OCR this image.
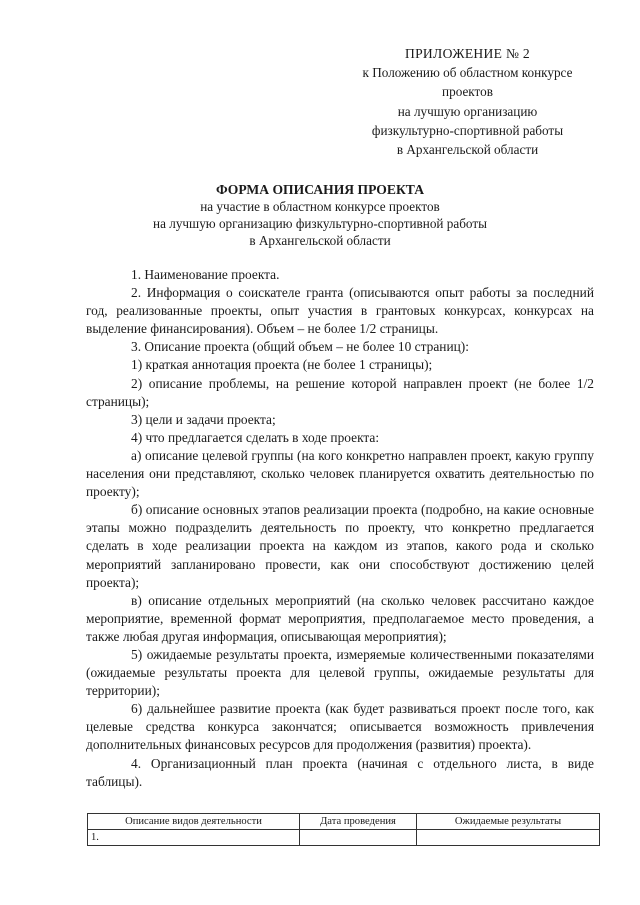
ПРИЛОЖЕНИЕ № 2
к Положению об областном конкурсе
проектов
на лучшую организацию
физкультурно-спортивной работы
в Архангельской области
ФОРМА ОПИСАНИЯ ПРОЕКТА
на участие в областном конкурсе проектов
на лучшую организацию физкультурно-спортивной работы
в Архангельской области

1. Наименование проекта.

2. Информация о соискателе гранта (описываются опыт работы за последний год, реализованные проекты, опыт участия в грантовых конкурсах, конкурсах на выделение финансирования). Объем – не более 1/2 страницы.

3. Описание проекта (общий объем – не более 10 страниц):

1) краткая аннотация проекта (не более 1 страницы);

2) описание проблемы, на решение которой направлен проект (не более 1/2 страницы);

3) цели и задачи проекта;

4) что предлагается сделать в ходе проекта:

а) описание целевой группы (на кого конкретно направлен проект, какую группу населения они представляют, сколько человек планируется охватить деятельностью по проекту);

б) описание основных этапов реализации проекта (подробно, на какие основные этапы можно подразделить деятельность по проекту, что конкретно предлагается сделать в ходе реализации проекта на каждом из этапов, какого рода и сколько мероприятий запланировано провести, как они способствуют достижению целей проекта);

в) описание отдельных мероприятий (на сколько человек рассчитано каждое мероприятие, временной формат мероприятия, предполагаемое место проведения, а также любая другая информация, описывающая мероприятия);

5) ожидаемые результаты проекта, измеряемые количественными показателями (ожидаемые результаты проекта для целевой группы, ожидаемые результаты для территории);

6) дальнейшее развитие проекта (как будет развиваться проект после того, как целевые средства конкурса закончатся; описывается возможность привлечения дополнительных финансовых ресурсов для продолжения (развития) проекта).

4. Организационный план проекта (начиная с отдельного листа, в виде таблицы).

Описание видов деятельности	Дата проведения	Ожидаемые результаты
1.		
